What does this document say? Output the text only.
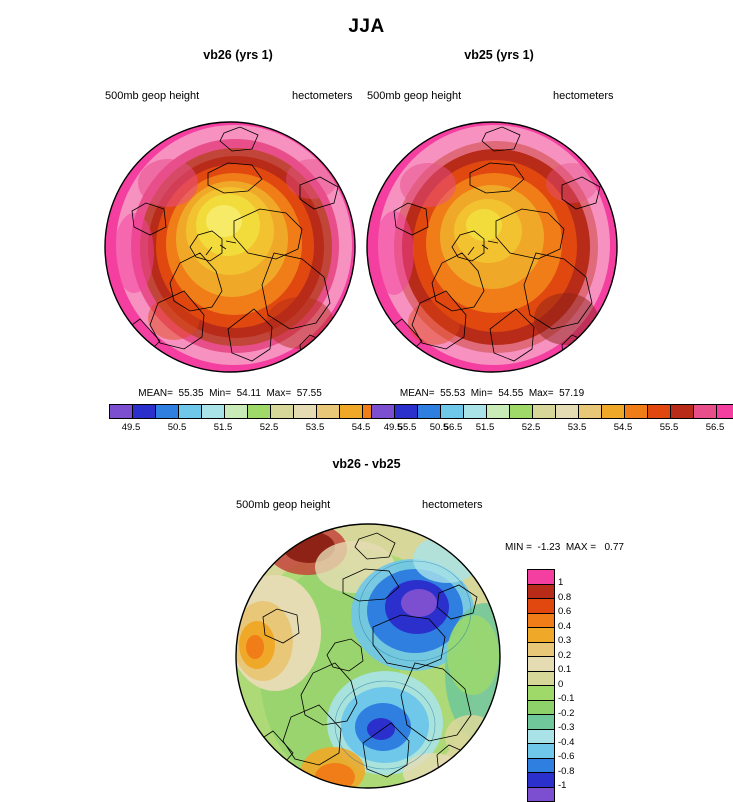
JJA
vb26 (yrs 1)
500mb geop height	hectometers
MEAN=  55.35  Min=  54.11  Max=  57.55
49.5	50.5	51.5	52.5	53.5	54.5	55.5	56.5
vb25 (yrs 1)
500mb geop height	hectometers
MEAN=  55.53  Min=  54.55  Max=  57.19
49.5	50.5	51.5	52.5	53.5	54.5	55.5	56.5
vb26 - vb25
500mb geop height	hectometers
MIN =  -1.23  MAX =   0.77
1
0.8
0.6
0.4
0.3
0.2
0.1
0
-0.1
-0.2
-0.3
-0.4
-0.6
-0.8
-1
